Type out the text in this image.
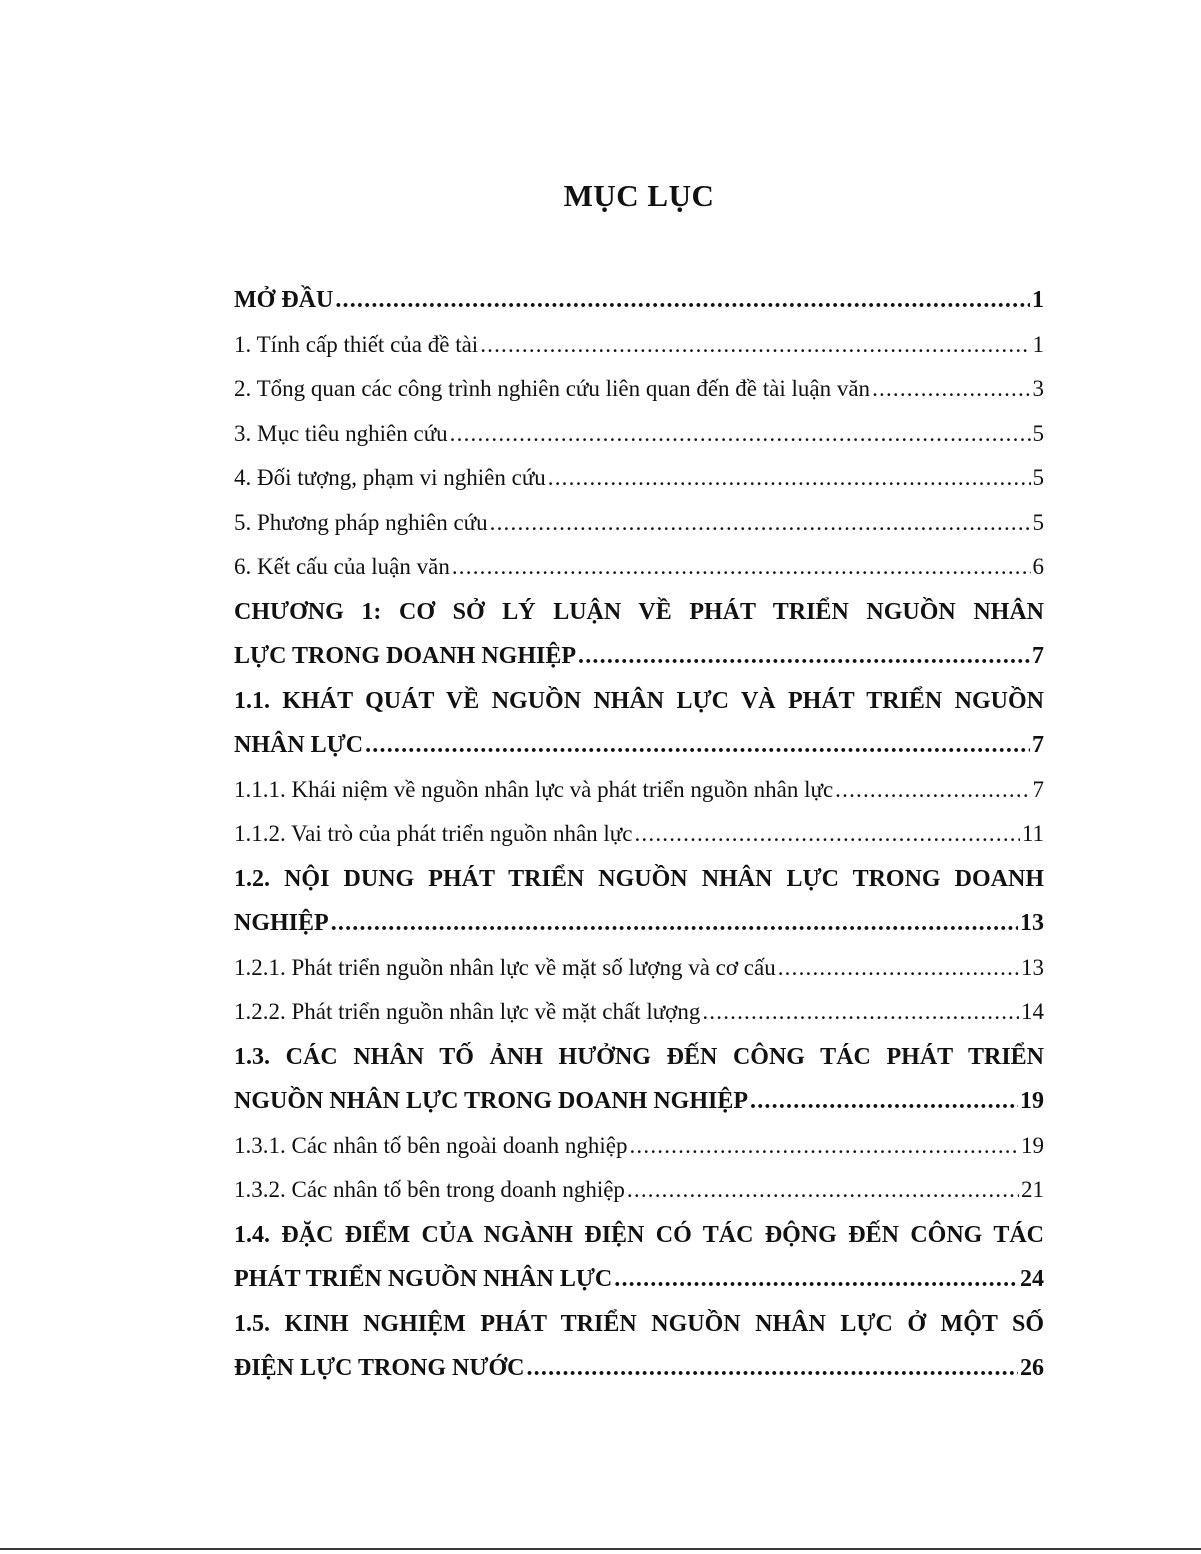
MỤC LỤC
MỞ ĐẦU .....	1
1. Tính cấp thiết của đề tài .....	1
2. Tổng quan các công trình nghiên cứu liên quan đến đề tài luận văn .....	3
3. Mục tiêu nghiên cứu .....	5
4. Đối tượng, phạm vi nghiên cứu .....	5
5. Phương pháp nghiên cứu .....	5
6. Kết cấu của luận văn .....	6
CHƯƠNG 1: CƠ SỞ LÝ LUẬN VỀ PHÁT TRIỂN NGUỒN NHÂN
LỰC TRONG DOANH NGHIỆP .....	7
1.1. KHÁT QUÁT VỀ NGUỒN NHÂN LỰC VÀ PHÁT TRIỂN NGUỒN
NHÂN LỰC .....	7
1.1.1. Khái niệm về nguồn nhân lực và phát triển nguồn nhân lực .....	7
1.1.2. Vai trò của phát triển nguồn nhân lực .....	11
1.2. NỘI DUNG PHÁT TRIỂN NGUỒN NHÂN LỰC TRONG DOANH
NGHIỆP .....	13
1.2.1. Phát triển nguồn nhân lực về mặt số lượng và cơ cấu .....	13
1.2.2. Phát triển nguồn nhân lực về mặt chất lượng .....	14
1.3. CÁC NHÂN TỐ ẢNH HƯỞNG ĐẾN CÔNG TÁC PHÁT TRIỂN
NGUỒN NHÂN LỰC TRONG DOANH NGHIỆP .....	19
1.3.1. Các nhân tố bên ngoài doanh nghiệp .....	19
1.3.2. Các nhân tố bên trong doanh nghiệp .....	21
1.4. ĐẶC ĐIỂM CỦA NGÀNH ĐIỆN CÓ TÁC ĐỘNG ĐẾN CÔNG TÁC
PHÁT TRIỂN NGUỒN NHÂN LỰC .....	24
1.5. KINH NGHIỆM PHÁT TRIỂN NGUỒN NHÂN LỰC Ở MỘT SỐ
ĐIỆN LỰC TRONG NƯỚC .....	26
